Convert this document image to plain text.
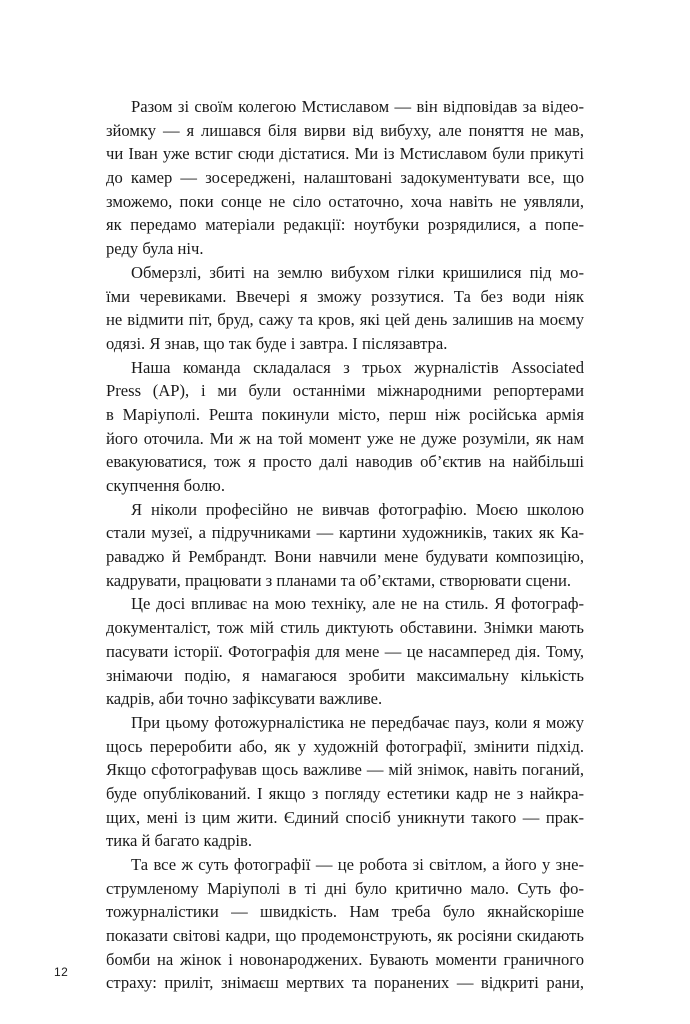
Разом зі своїм колегою Мстиславом — він відповідав за відео-
зйомку — я лишався біля вирви від вибуху, але поняття не мав,
чи Іван уже встиг сюди дістатися. Ми із Мстиславом були прикуті
до камер — зосереджені, налаштовані задокументувати все, що
зможемо, поки сонце не сіло остаточно, хоча навіть не уявляли,
як передамо матеріали редакції: ноутбуки розрядилися, а попе-
реду була ніч.
Обмерзлі, збиті на землю вибухом гілки кришилися під мо-
їми черевиками. Ввечері я зможу роззутися. Та без води ніяк
не відмити піт, бруд, сажу та кров, які цей день залишив на моєму
одязі. Я знав, що так буде і завтра. І післязавтра.
Наша команда складалася з трьох журналістів Associated
Press (AP), і ми були останніми міжнародними репортерами
в Маріуполі. Решта покинули місто, перш ніж російська армія
його оточила. Ми ж на той момент уже не дуже розуміли, як нам
евакуюватися, тож я просто далі наводив об’єктив на найбільші
скупчення болю.
Я ніколи професійно не вивчав фотографію. Моєю школою
стали музеї, а підручниками — картини художників, таких як Ка-
раваджо й Рембрандт. Вони навчили мене будувати композицію,
кадрувати, працювати з планами та об’єктами, створювати сцени.
Це досі впливає на мою техніку, але не на стиль. Я фотограф-
документаліст, тож мій стиль диктують обставини. Знімки мають
пасувати історії. Фотографія для мене — це насамперед дія. Тому,
знімаючи подію, я намагаюся зробити максимальну кількість
кадрів, аби точно зафіксувати важливе.
При цьому фотожурналістика не передбачає пауз, коли я можу
щось переробити або, як у художній фотографії, змінити підхід.
Якщо сфотографував щось важливе — мій знімок, навіть поганий,
буде опублікований. І якщо з погляду естетики кадр не з найкра-
щих, мені із цим жити. Єдиний спосіб уникнути такого — прак-
тика й багато кадрів.
Та все ж суть фотографії — це робота зі світлом, а його у зне-
струмленому Маріуполі в ті дні було критично мало. Суть фо-
тожурналістики — швидкість. Нам треба було якнайскоріше
показати світові кадри, що продемонструють, як росіяни скидають
бомби на жінок і новонароджених. Бувають моменти граничного
страху: приліт, знімаєш мертвих та поранених — відкриті рани,
12
